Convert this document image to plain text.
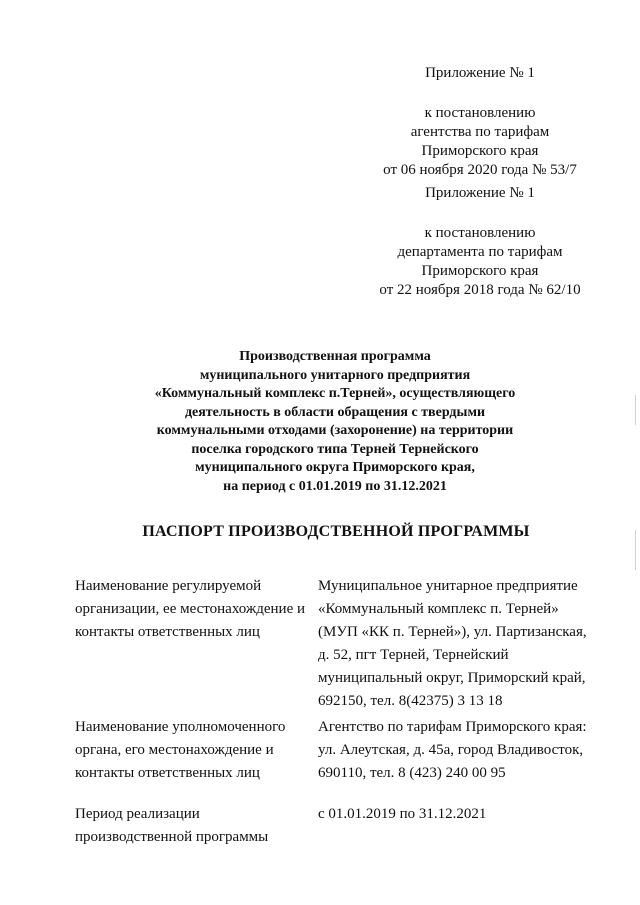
Приложение № 1
к постановлению
агентства по тарифам
Приморского края
от 06 ноября 2020 года № 53/7
Приложение № 1
к постановлению
департамента по тарифам
Приморского края
от 22 ноября 2018 года № 62/10
Производственная программа
муниципального унитарного предприятия
«Коммунальный комплекс п.Терней», осуществляющего
деятельность в области обращения с твердыми
коммунальными отходами (захоронение) на территории
поселка городского типа Терней Тернейского
муниципального округа Приморского края,
на период с 01.01.2019 по 31.12.2021
ПАСПОРТ ПРОИЗВОДСТВЕННОЙ ПРОГРАММЫ
Наименование регулируемой
организации, ее местонахождение и
контакты ответственных лиц
Муниципальное унитарное предприятие
«Коммунальный комплекс п. Терней»
(МУП «КК п. Терней»), ул. Партизанская,
д. 52, пгт Терней, Тернейский
муниципальный округ, Приморский край,
692150, тел. 8(42375) 3 13 18
Наименование уполномоченного
органа, его местонахождение и
контакты ответственных лиц
Агентство по тарифам Приморского края:
ул. Алеутская, д. 45а, город Владивосток,
690110, тел. 8 (423) 240 00 95
Период реализации
производственной программы
с 01.01.2019 по 31.12.2021
